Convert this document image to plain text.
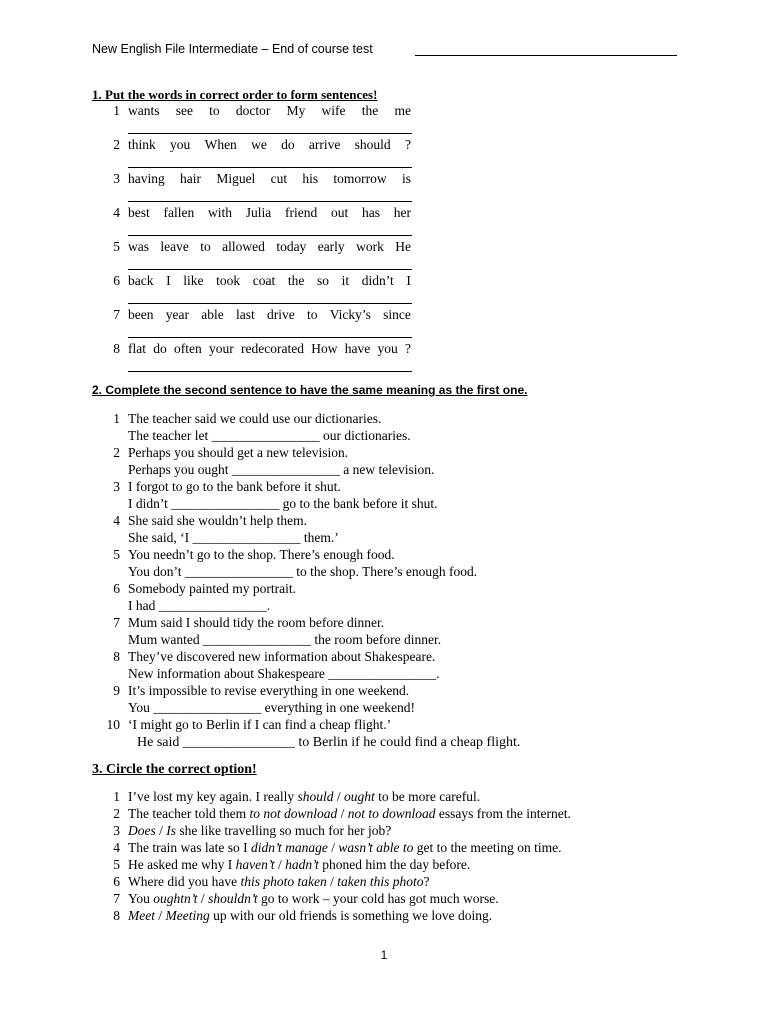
New English File Intermediate – End of course test
1. Put the words in correct order to form sentences!
1 wants see to doctor My wife the me
2 think you When we do arrive should ?
3 having hair Miguel cut his tomorrow is
4 best fallen with Julia friend out has her
5 was leave to allowed today early work He
6 back I like took coat the so it didn’t I
7 been year able last drive to Vicky’s since
8 flat do often your redecorated How have you ?
2. Complete the second sentence to have the same meaning as the first one.
1 The teacher said we could use our dictionaries.
The teacher let ________________ our dictionaries.
2 Perhaps you should get a new television.
Perhaps you ought ________________ a new television.
3 I forgot to go to the bank before it shut.
I didn’t ________________ go to the bank before it shut.
4 She said she wouldn’t help them.
She said, ‘I ________________ them.’
5 You needn’t go to the shop. There’s enough food.
You don’t ________________ to the shop. There’s enough food.
6 Somebody painted my portrait.
I had ________________.
7 Mum said I should tidy the room before dinner.
Mum wanted ________________ the room before dinner.
8 They’ve discovered new information about Shakespeare.
New information about Shakespeare ________________.
9 It’s impossible to revise everything in one weekend.
You ________________ everything in one weekend!
10 ‘I might go to Berlin if I can find a cheap flight.’
He said ________________ to Berlin if he could find a cheap flight.
3. Circle the correct option!
1 I’ve lost my key again. I really should / ought to be more careful.
2 The teacher told them to not download / not to download essays from the internet.
3 Does / Is she like travelling so much for her job?
4 The train was late so I didn’t manage / wasn’t able to get to the meeting on time.
5 He asked me why I haven’t / hadn’t phoned him the day before.
6 Where did you have this photo taken / taken this photo?
7 You oughtn’t / shouldn’t go to work – your cold has got much worse.
8 Meet / Meeting up with our old friends is something we love doing.
1
